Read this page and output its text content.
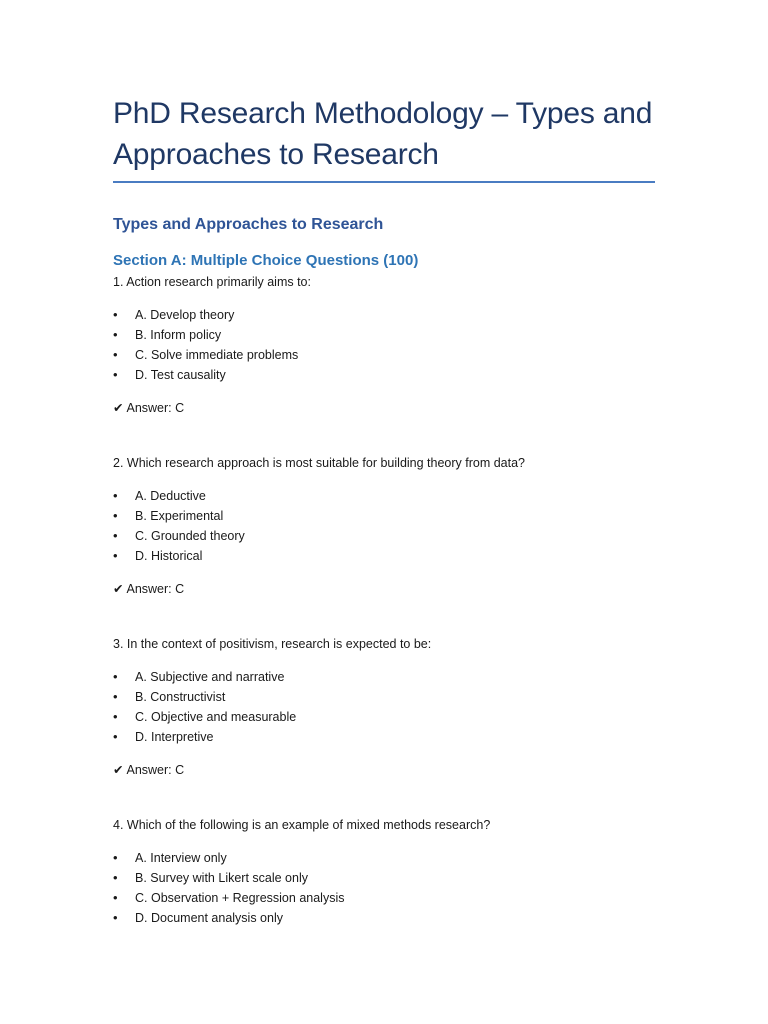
PhD Research Methodology – Types and Approaches to Research
Types and Approaches to Research
Section A: Multiple Choice Questions (100)

1. Action research primarily aims to:

• A. Develop theory
• B. Inform policy
• C. Solve immediate problems
• D. Test causality
✔ Answer: C

2. Which research approach is most suitable for building theory from data?

• A. Deductive
• B. Experimental
• C. Grounded theory
• D. Historical
✔ Answer: C

3. In the context of positivism, research is expected to be:

• A. Subjective and narrative
• B. Constructivist
• C. Objective and measurable
• D. Interpretive
✔ Answer: C

4. Which of the following is an example of mixed methods research?

• A. Interview only
• B. Survey with Likert scale only
• C. Observation + Regression analysis
• D. Document analysis only
